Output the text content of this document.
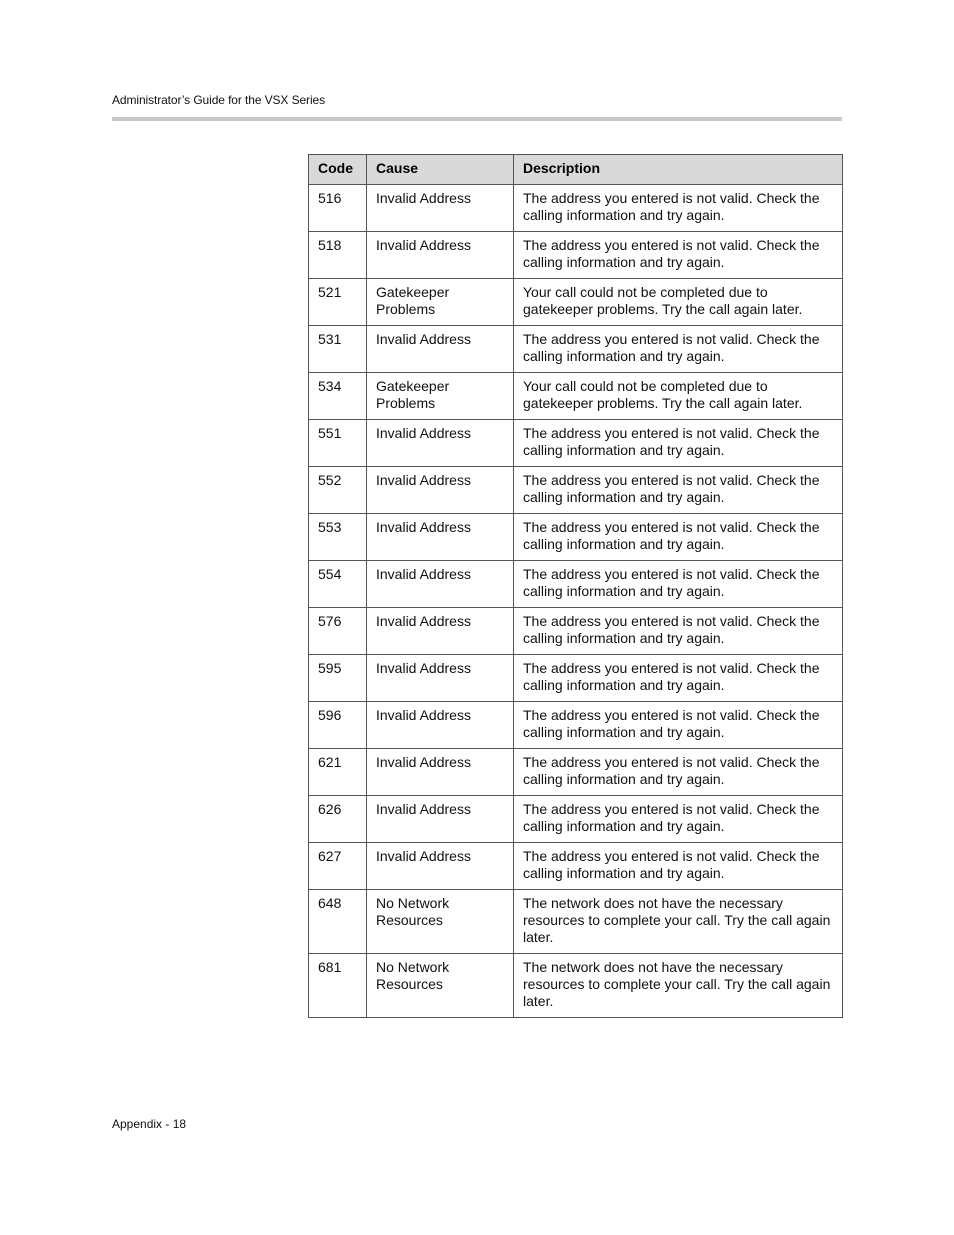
Administrator’s Guide for the VSX Series
Code	Cause	Description
516	Invalid Address	The address you entered is not valid. Check the calling information and try again.
518	Invalid Address	The address you entered is not valid. Check the calling information and try again.
521	Gatekeeper Problems	Your call could not be completed due to gatekeeper problems. Try the call again later.
531	Invalid Address	The address you entered is not valid. Check the calling information and try again.
534	Gatekeeper Problems	Your call could not be completed due to gatekeeper problems. Try the call again later.
551	Invalid Address	The address you entered is not valid. Check the calling information and try again.
552	Invalid Address	The address you entered is not valid. Check the calling information and try again.
553	Invalid Address	The address you entered is not valid. Check the calling information and try again.
554	Invalid Address	The address you entered is not valid. Check the calling information and try again.
576	Invalid Address	The address you entered is not valid. Check the calling information and try again.
595	Invalid Address	The address you entered is not valid. Check the calling information and try again.
596	Invalid Address	The address you entered is not valid. Check the calling information and try again.
621	Invalid Address	The address you entered is not valid. Check the calling information and try again.
626	Invalid Address	The address you entered is not valid. Check the calling information and try again.
627	Invalid Address	The address you entered is not valid. Check the calling information and try again.
648	No Network Resources	The network does not have the necessary resources to complete your call. Try the call again later.
681	No Network Resources	The network does not have the necessary resources to complete your call. Try the call again later.
Appendix - 18
